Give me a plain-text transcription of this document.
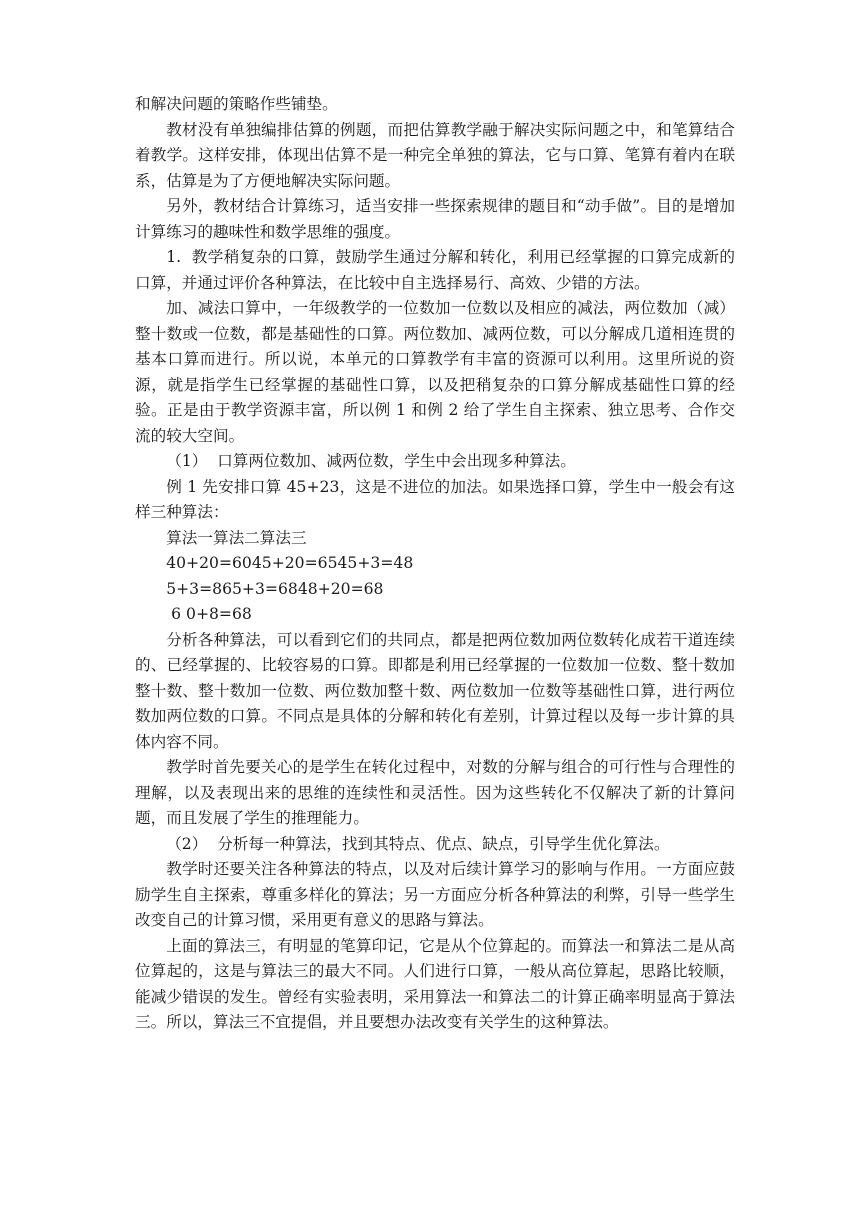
和解决问题的策略作些铺垫。

教材没有单独编排估算的例题，而把估算教学融于解决实际问题之中，和笔算结合着教学。这样安排，体现出估算不是一种完全单独的算法，它与口算、笔算有着内在联系，估算是为了方便地解决实际问题。

另外，教材结合计算练习，适当安排一些探索规律的题目和“动手做”。目的是增加计算练习的趣味性和数学思维的强度。

1.  教学稍复杂的口算，鼓励学生通过分解和转化，利用已经掌握的口算完成新的口算，并通过评价各种算法，在比较中自主选择易行、高效、少错的方法。

加、减法口算中，一年级教学的一位数加一位数以及相应的减法，两位数加（减）整十数或一位数，都是基础性的口算。两位数加、减两位数，可以分解成几道相连贯的基本口算而进行。所以说，本单元的口算教学有丰富的资源可以利用。这里所说的资源，就是指学生已经掌握的基础性口算，以及把稍复杂的口算分解成基础性口算的经验。正是由于教学资源丰富，所以例 1 和例 2 给了学生自主探索、独立思考、合作交流的较大空间。

（1）  口算两位数加、减两位数，学生中会出现多种算法。

例 1 先安排口算 45+23，这是不进位的加法。如果选择口算，学生中一般会有这样三种算法：

算法一算法二算法三

40+20=6045+20=6545+3=48

5+3=865+3=6848+20=68

6 0+8=68

分析各种算法，可以看到它们的共同点，都是把两位数加两位数转化成若干道连续的、已经掌握的、比较容易的口算。即都是利用已经掌握的一位数加一位数、整十数加整十数、整十数加一位数、两位数加整十数、两位数加一位数等基础性口算，进行两位数加两位数的口算。不同点是具体的分解和转化有差别，计算过程以及每一步计算的具体内容不同。

教学时首先要关心的是学生在转化过程中，对数的分解与组合的可行性与合理性的理解，以及表现出来的思维的连续性和灵活性。因为这些转化不仅解决了新的计算问题，而且发展了学生的推理能力。

（2）  分析每一种算法，找到其特点、优点、缺点，引导学生优化算法。

教学时还要关注各种算法的特点，以及对后续计算学习的影响与作用。一方面应鼓励学生自主探索，尊重多样化的算法；另一方面应分析各种算法的利弊，引导一些学生改变自己的计算习惯，采用更有意义的思路与算法。

上面的算法三，有明显的笔算印记，它是从个位算起的。而算法一和算法二是从高位算起的，这是与算法三的最大不同。人们进行口算，一般从高位算起，思路比较顺，能减少错误的发生。曾经有实验表明，采用算法一和算法二的计算正确率明显高于算法三。所以，算法三不宜提倡，并且要想办法改变有关学生的这种算法。
